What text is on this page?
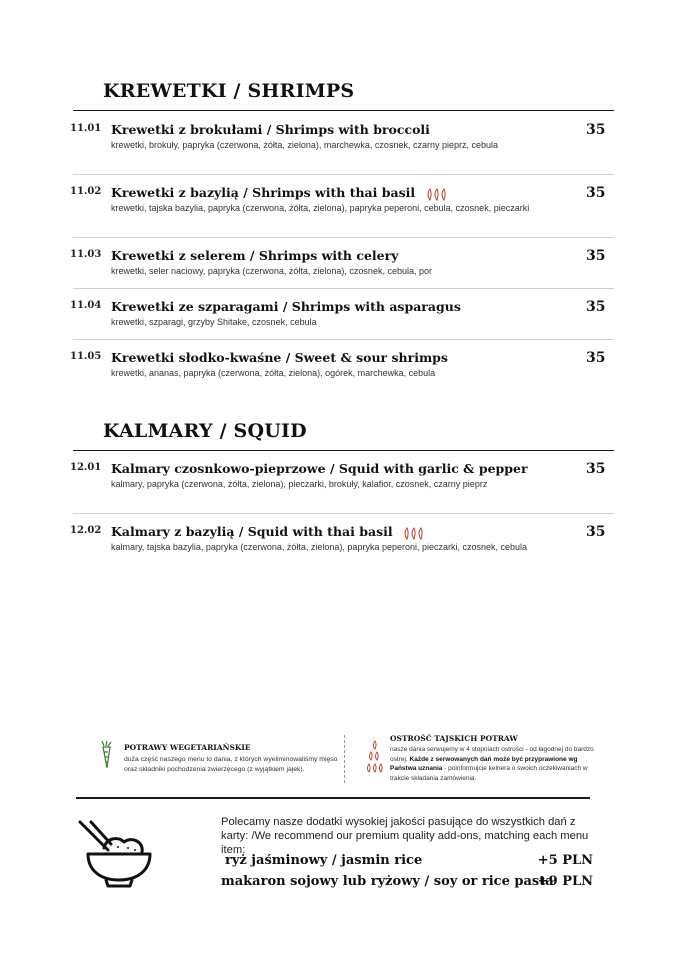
KREWETKI / SHRIMPS
11.01 Krewetki z brokułami / Shrimps with broccoli
krewetki, brokuły, papryka (czerwona, żółta, zielona), marchewka, czosnek, czarny pieprz, cebula
35
11.02 Krewetki z bazylią / Shrimps with thai basil
krewetki, tajska bazylia, papryka (czerwona, żółta, zielona), papryka peperoni, cebula, czosnek, pieczarki
35
11.03 Krewetki z selerem / Shrimps with celery
krewetki, seler naciowy, papryka (czerwona, żółta, zielona), czosnek, cebula, por
35
11.04 Krewetki ze szparagami / Shrimps with asparagus
krewetki, szparagi, grzyby Shitake, czosnek, cebula
35
11.05 Krewetki słodko-kwaśne / Sweet & sour shrimps
krewetki, ananas, papryka (czerwona, żółta, zielona), ogórek, marchewka, cebula
35
KALMARY / SQUID
12.01 Kalmary czosnkowo-pieprzowe / Squid with garlic & pepper
kalmary, papryka (czerwona, żółta, zielona), pieczarki, brokuły, kalafior, czosnek, czarny pieprz
35
12.02 Kalmary z bazylią / Squid with thai basil
kalmary, tajska bazylia, papryka (czerwona, żółta, zielona), papryka peperoni, pieczarki, czosnek, cebula
35
POTRAWY WEGETARIAŃSKIE
duża część naszego menu to dania, z których wyeliminowaliśmy mięso oraz składniki pochodzenia zwierzęcego (z wyjątkiem jajek).
OSTROŚĆ TAJSKICH POTRAW
nasze dania serwujemy w 4 stopniach ostrości - od łagodnej do bardzo ostrej. Każde z serwowanych dań może być przyprawione wg Państwa uznania - poinformujcie kelnera o swoich oczekiwaniach w trakcie składania zamówienia.
Polecamy nasze dodatki wysokiej jakości pasujące do wszystkich dań z karty: /We recommend our premium quality add-ons, matching each menu item:
ryż jaśminowy / jasmin rice	+5 PLN
makaron sojowy lub ryżowy / soy or rice pasta
+9 PLN
